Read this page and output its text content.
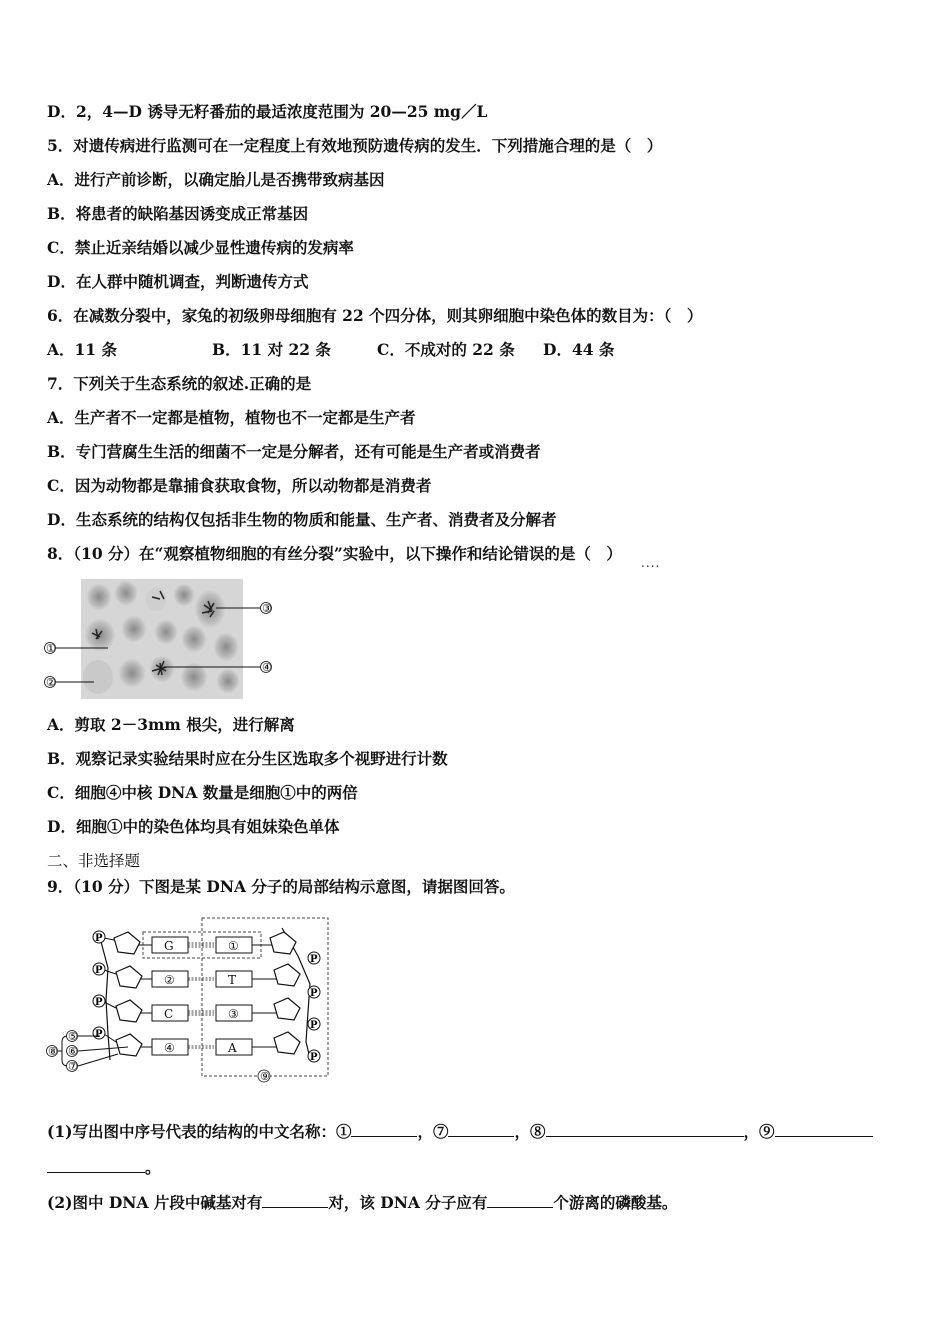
D．2，4—D 诱导无籽番茄的最适浓度范围为 20—25 mg／L
5．对遗传病进行监测可在一定程度上有效地预防遗传病的发生．下列措施合理的是（　）
A．进行产前诊断，以确定胎儿是否携带致病基因
B．将患者的缺陷基因诱变成正常基因
C．禁止近亲结婚以减少显性遗传病的发病率
D．在人群中随机调查，判断遗传方式
6．在减数分裂中，家兔的初级卵母细胞有 22 个四分体，则其卵细胞中染色体的数目为：（　）
A．11 条	B．11 对 22 条	C．不成对的 22 条 D．44 条
7．下列关于生态系统的叙述.正确的是
A．生产者不一定都是植物，植物也不一定都是生产者
B．专门营腐生生活的细菌不一定是分解者，还有可能是生产者或消费者
C．因为动物都是靠捕食获取食物，所以动物都是消费者
D．生态系统的结构仅包括非生物的物质和能量、生产者、消费者及分解者
8．（10 分）在“观察植物细胞的有丝分裂”实验中，以下操作和结论错误的是（　） ....
①
②
③
④
A．剪取 2－3mm 根尖，进行解离
B．观察记录实验结果时应在分生区选取多个视野进行计数
C．细胞④中核 DNA 数量是细胞①中的两倍
D．细胞①中的染色体均具有姐妹染色单体
二、非选择题
9．（10 分）下图是某 DNA 分子的局部结构示意图，请据图回答。
P
P
P
P
P
P
P
P
G
②
C
④
①
T
③
A
⑤
⑥
⑦
⑧
⑨
(1)写出图中序号代表的结构的中文名称：①	，⑦	，⑧	，⑨
。
(2)图中 DNA 片段中碱基对有	对，该 DNA 分子应有	个游离的磷酸基。
